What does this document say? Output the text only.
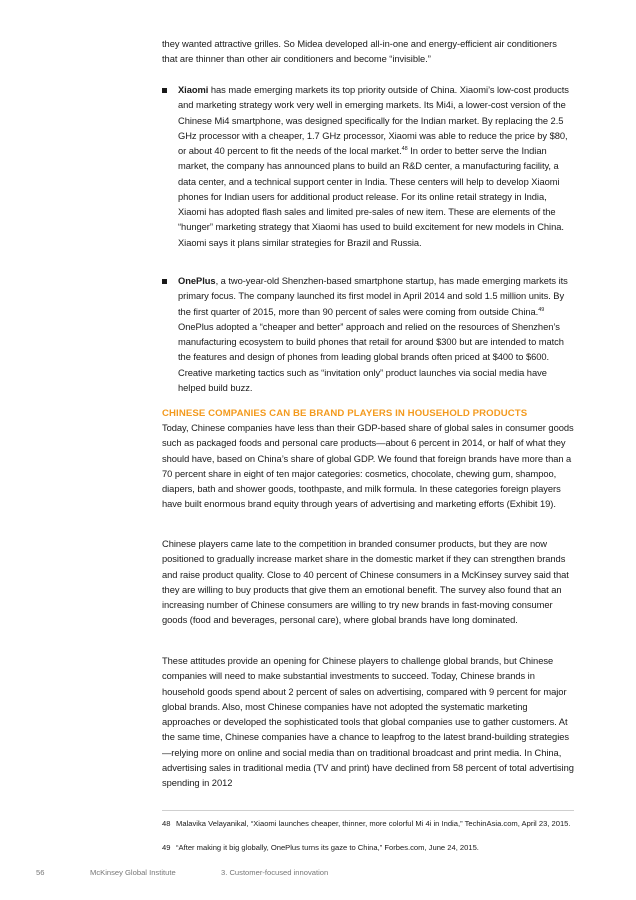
they wanted attractive grilles. So Midea developed all-in-one and energy-efficient air conditioners that are thinner than other air conditioners and become “invisible.”

Xiaomi has made emerging markets its top priority outside of China. Xiaomi’s low-cost products and marketing strategy work very well in emerging markets. Its Mi4i, a lower-cost version of the Chinese Mi4 smartphone, was designed specifically for the Indian market. By replacing the 2.5 GHz processor with a cheaper, 1.7 GHz processor, Xiaomi was able to reduce the price by $80, or about 40 percent to fit the needs of the local market.$^{48}$ In order to better serve the Indian market, the company has announced plans to build an R&D center, a manufacturing facility, a data center, and a technical support center in India. These centers will help to develop Xiaomi phones for Indian users for additional product release. For its online retail strategy in India, Xiaomi has adopted flash sales and limited pre-sales of new item. These are elements of the “hunger” marketing strategy that Xiaomi has used to build excitement for new models in China. Xiaomi says it plans similar strategies for Brazil and Russia.

OnePlus, a two-year-old Shenzhen-based smartphone startup, has made emerging markets its primary focus. The company launched its first model in April 2014 and sold 1.5 million units. By the first quarter of 2015, more than 90 percent of sales were coming from outside China.$^{49}$ OnePlus adopted a “cheaper and better” approach and relied on the resources of Shenzhen’s manufacturing ecosystem to build phones that retail for around $300 but are intended to match the features and design of phones from leading global brands often priced at $400 to $600. Creative marketing tactics such as “invitation only” product launches via social media have helped build buzz.

CHINESE COMPANIES CAN BE BRAND PLAYERS IN HOUSEHOLD PRODUCTS

Today, Chinese companies have less than their GDP-based share of global sales in consumer goods such as packaged foods and personal care products—about 6 percent in 2014, or half of what they should have, based on China’s share of global GDP. We found that foreign brands have more than a 70 percent share in eight of ten major categories: cosmetics, chocolate, chewing gum, shampoo, diapers, bath and shower goods, toothpaste, and milk formula. In these categories foreign players have built enormous brand equity through years of advertising and marketing efforts (Exhibit 19).

Chinese players came late to the competition in branded consumer products, but they are now positioned to gradually increase market share in the domestic market if they can strengthen brands and raise product quality. Close to 40 percent of Chinese consumers in a McKinsey survey said that they are willing to buy products that give them an emotional benefit. The survey also found that an increasing number of Chinese consumers are willing to try new brands in fast-moving consumer goods (food and beverages, personal care), where global brands have long dominated.

These attitudes provide an opening for Chinese players to challenge global brands, but Chinese companies will need to make substantial investments to succeed. Today, Chinese brands in household goods spend about 2 percent of sales on advertising, compared with 9 percent for major global brands. Also, most Chinese companies have not adopted the systematic marketing approaches or developed the sophisticated tools that global companies use to gather customers. At the same time, Chinese companies have a chance to leapfrog to the latest brand-building strategies—relying more on online and social media than on traditional broadcast and print media. In China, advertising sales in traditional media (TV and print) have declined from 58 percent of total advertising spending in 2012

48 Malavika Velayanikal, “Xiaomi launches cheaper, thinner, more colorful Mi 4i in India,” TechinAsia.com, April 23, 2015.
49 “After making it big globally, OnePlus turns its gaze to China,” Forbes.com, June 24, 2015.
56	McKinsey Global Institute	3. Customer-focused innovation
